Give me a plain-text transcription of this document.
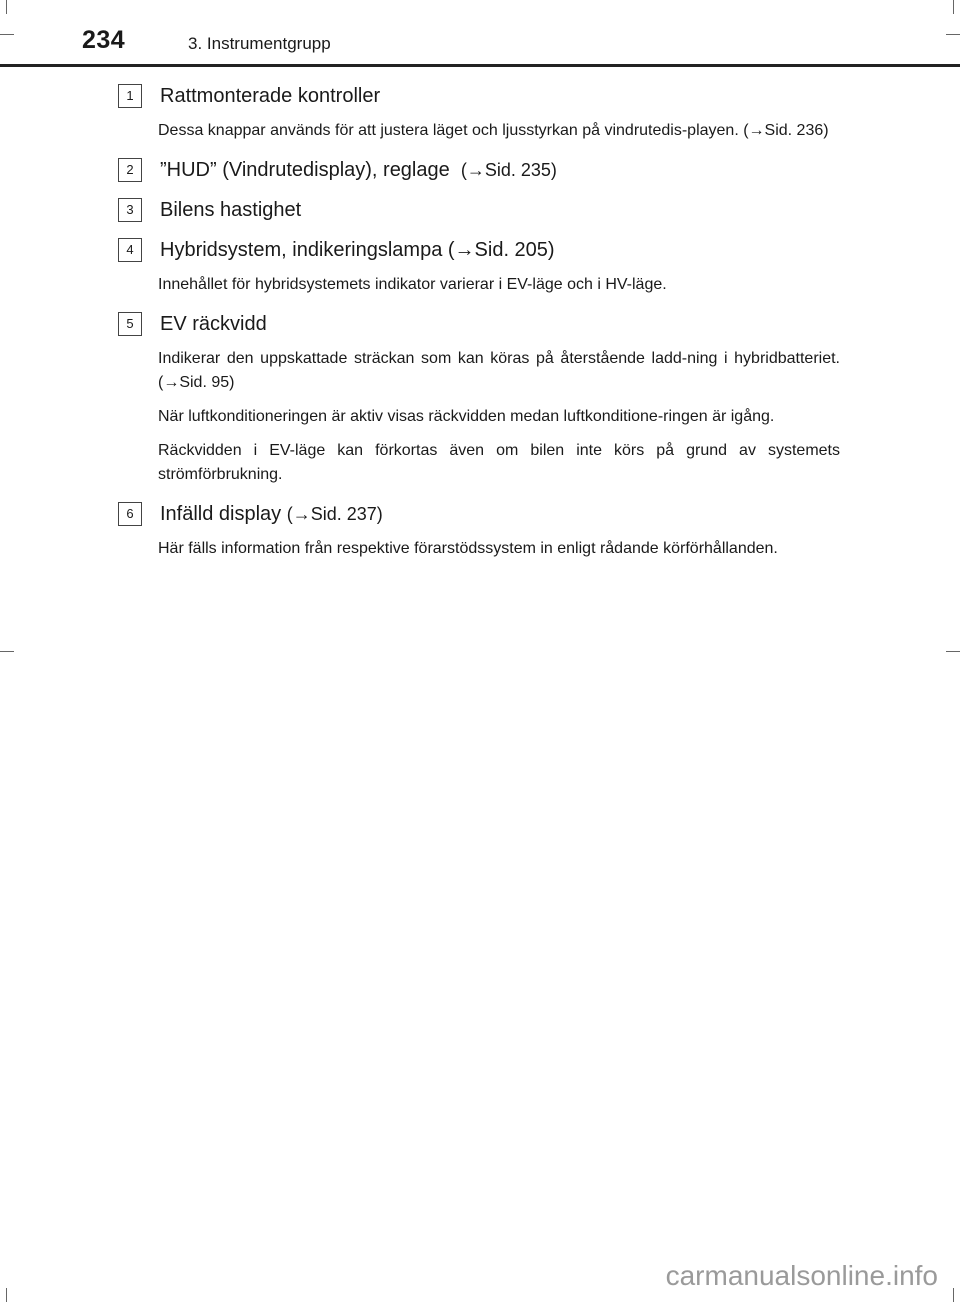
234	3. Instrumentgrupp
1	Rattmonterade kontroller

Dessa knappar används för att justera läget och ljusstyrkan på vindrutedis-playen. (→Sid. 236)

2	”HUD” (Vindrutedisplay), reglage
(→Sid. 235)
3	Bilens hastighet
4	Hybridsystem, indikeringslampa (→Sid. 205)

Innehållet för hybridsystemets indikator varierar i EV-läge och i HV-läge.

5	EV räckvidd

Indikerar den uppskattade sträckan som kan köras på återstående ladd-ning i hybridbatteriet. (→Sid. 95)

När luftkonditioneringen är aktiv visas räckvidden medan luftkonditione-ringen är igång.

Räckvidden i EV-läge kan förkortas även om bilen inte körs på grund av systemets strömförbrukning.

6	Infälld display
(→Sid. 237)

Här fälls information från respektive förarstödssystem in enligt rådande körförhållanden.

carmanualsonline.info
